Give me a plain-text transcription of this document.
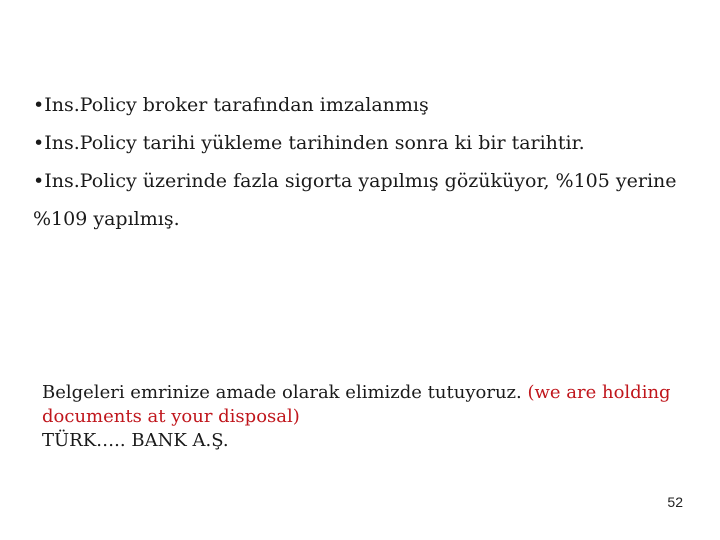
•Ins.Policy broker tarafından imzalanmış
•Ins.Policy tarihi yükleme tarihinden sonra ki bir tarihtir.
•Ins.Policy üzerinde fazla sigorta yapılmış gözüküyor, %105 yerine %109 yapılmış.
Belgeleri emrinize amade olarak elimizde tutuyoruz. (we are holding documents at your disposal)
TÜRK….. BANK A.Ş.
52
